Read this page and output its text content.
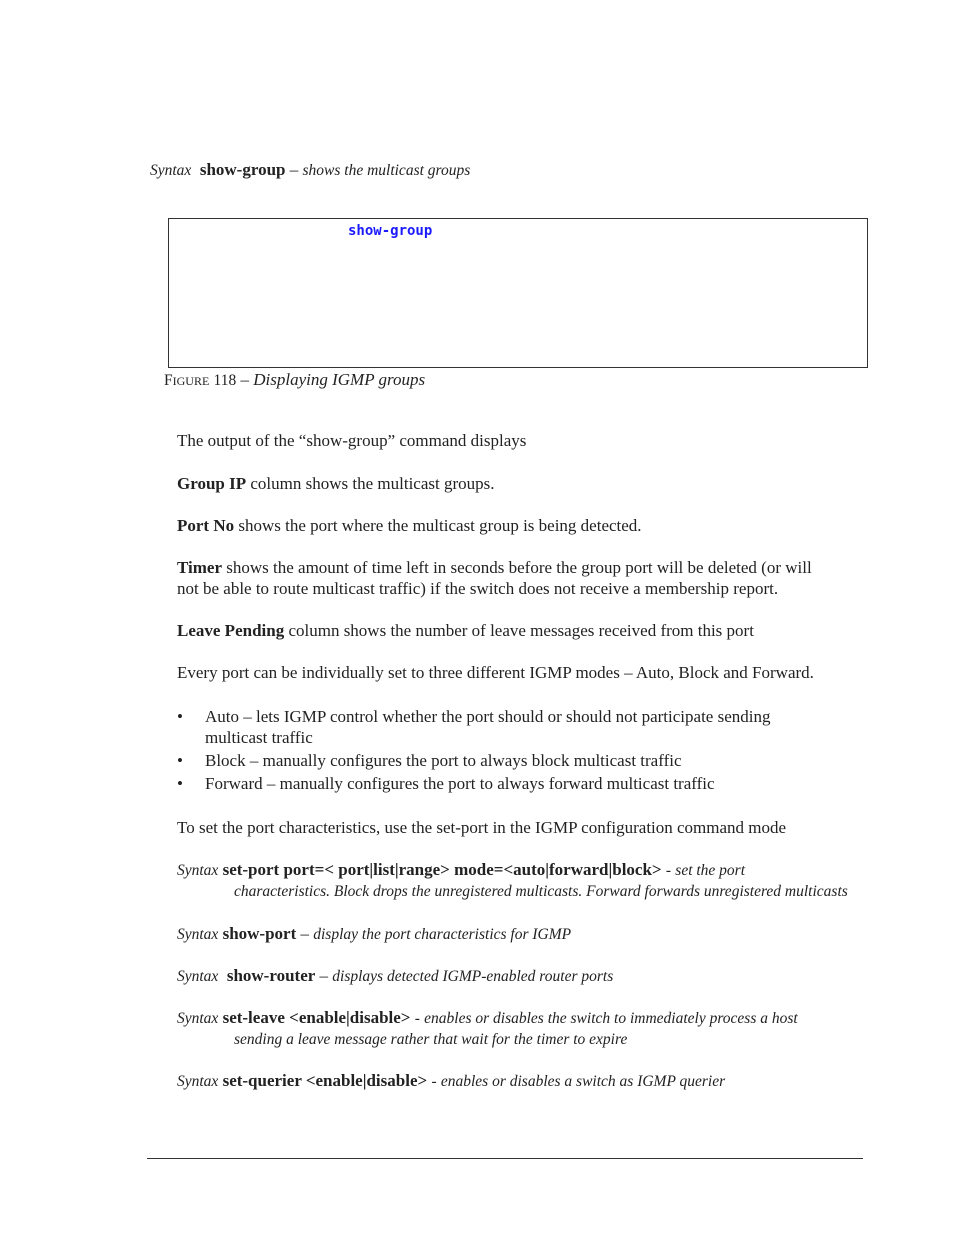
Syntax show-group – shows the multicast groups
show-group
FIGURE 118 – Displaying IGMP groups
The output of the “show-group” command displays
Group IP column shows the multicast groups.
Port No shows the port where the multicast group is being detected.
Timer shows the amount of time left in seconds before the group port will be deleted (or will
not be able to route multicast traffic) if the switch does not receive a membership report.
Leave Pending column shows the number of leave messages received from this port
Every port can be individually set to three different IGMP modes – Auto, Block and Forward.
• Auto – lets IGMP control whether the port should or should not participate sending
multicast traffic
• Block – manually configures the port to always block multicast traffic
• Forward – manually configures the port to always forward multicast traffic
To set the port characteristics, use the set-port in the IGMP configuration command mode
Syntax set-port port=< port|list|range> mode=<auto|forward|block> - set the port
characteristics. Block drops the unregistered multicasts. Forward forwards unregistered multicasts
Syntax show-port – display the port characteristics for IGMP
Syntax show-router – displays detected IGMP-enabled router ports
Syntax set-leave <enable|disable> - enables or disables the switch to immediately process a host
sending a leave message rather that wait for the timer to expire
Syntax set-querier <enable|disable> - enables or disables a switch as IGMP querier
